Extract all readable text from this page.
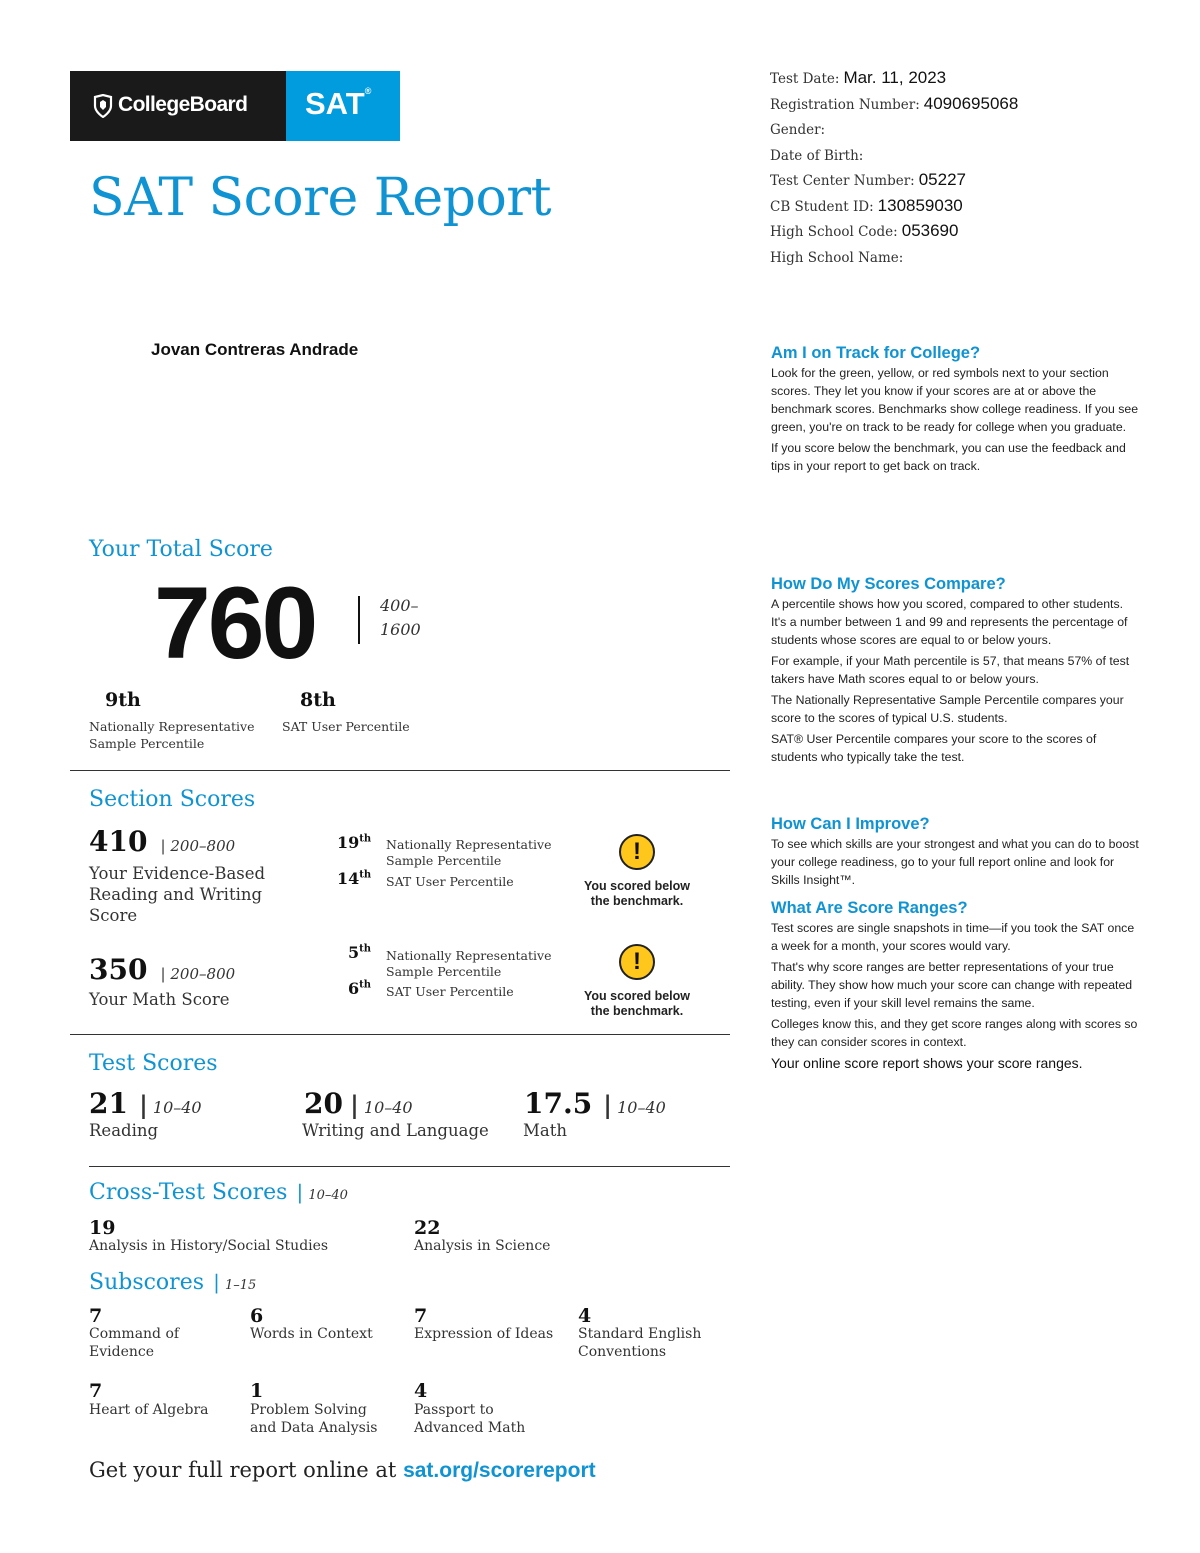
CollegeBoard SAT®
SAT Score Report
Test Date: Mar. 11, 2023
Registration Number: 4090695068
Gender:
Date of Birth:
Test Center Number: 05227
CB Student ID: 130859030
High School Code: 053690
High School Name:
Jovan Contreras Andrade	Am I on Track for College?

Look for the green, yellow, or red symbols next to your section scores. They let you know if your scores are at or above the benchmark scores. Benchmarks show college readiness. If you see green, you're on track to be ready for college when you graduate.

If you score below the benchmark, you can use the feedback and tips in your report to get back on track.

How Do My Scores Compare?

A percentile shows how you scored, compared to other students. It's a number between 1 and 99 and represents the percentage of students whose scores are equal to or below yours.

For example, if your Math percentile is 57, that means 57% of test takers have Math scores equal to or below yours.

The Nationally Representative Sample Percentile compares your score to the scores of typical U.S. students.

SAT® User Percentile compares your score to the scores of students who typically take the test.

How Can I Improve?

To see which skills are your strongest and what you can do to boost your college readiness, go to your full report online and look for Skills Insight™.

What Are Score Ranges?

Test scores are single snapshots in time—if you took the SAT once a week for a month, your scores would vary.

That's why score ranges are better representations of your true ability. They show how much your score can change with repeated testing, even if your skill level remains the same.

Colleges know this, and they get score ranges along with scores so they can consider scores in context.

Your online score report shows your score ranges.

Your Total Score
760	400–
1600
9th
Nationally Representative
Sample Percentile
8th
SAT User Percentile
Section Scores
410 | 200–800
Your Evidence-Based
Reading and Writing
Score
19th Nationally Representative
Sample Percentile
14th SAT User Percentile
!
You scored below
the benchmark.
350 | 200–800
Your Math Score
5th Nationally Representative
Sample Percentile
6th SAT User Percentile
!
You scored below
the benchmark.
Test Scores
21 | 10–40
Reading
20 | 10–40
Writing and Language
17.5 | 10–40
Math
Cross-Test Scores | 10–40
19
Analysis in History/Social Studies
22
Analysis in Science
Subscores | 1–15
7
Command of
Evidence
6
Words in Context
7
Expression of Ideas
4
Standard English
Conventions
7
Heart of Algebra
1
Problem Solving
and Data Analysis
4
Passport to
Advanced Math
Get your full report online at sat.org/scorereport
